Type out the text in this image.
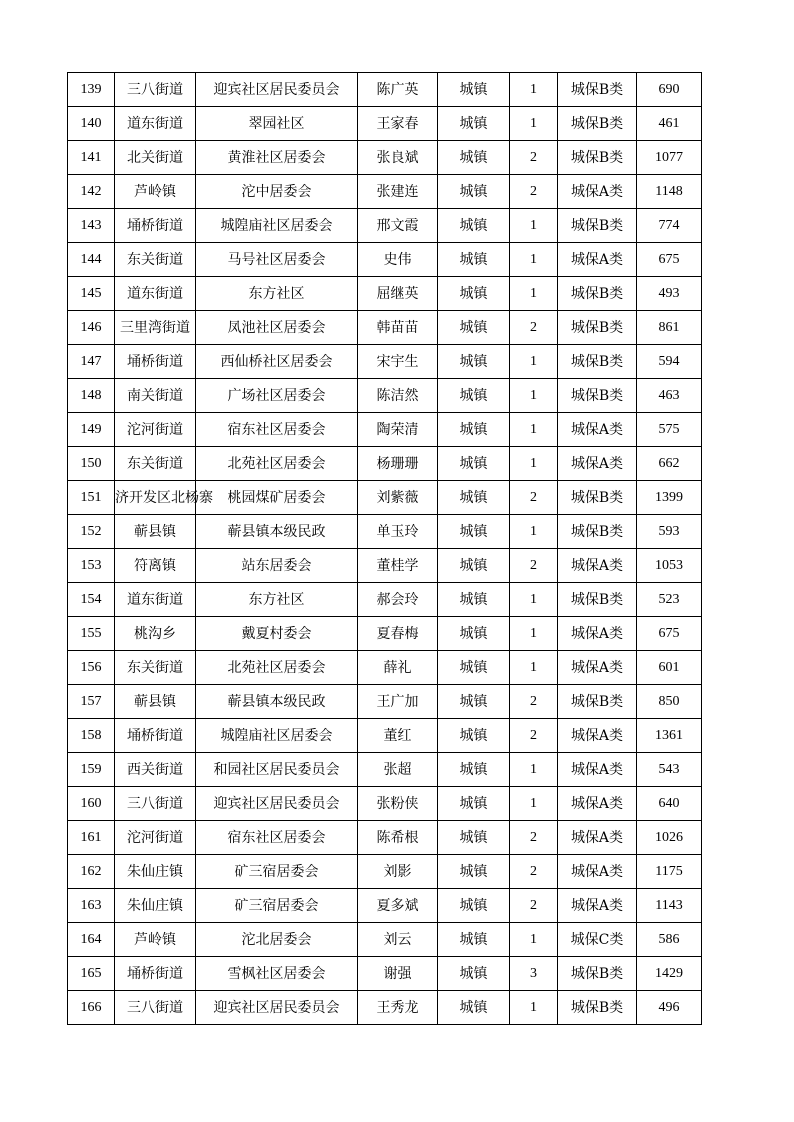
139	三八街道	迎宾社区居民委员会	陈广英	城镇	1	城保B类	690
140	道东街道	翠园社区	王家春	城镇	1	城保B类	461
141	北关街道	黄淮社区居委会	张良斌	城镇	2	城保B类	1077
142	芦岭镇	沱中居委会	张建连	城镇	2	城保A类	1148
143	埇桥街道	城隍庙社区居委会	邢文霞	城镇	1	城保B类	774
144	东关街道	马号社区居委会	史伟	城镇	1	城保A类	675
145	道东街道	东方社区	屈继英	城镇	1	城保B类	493
146	三里湾街道	凤池社区居委会	韩苗苗	城镇	2	城保B类	861
147	埇桥街道	西仙桥社区居委会	宋宇生	城镇	1	城保B类	594
148	南关街道	广场社区居委会	陈洁然	城镇	1	城保B类	463
149	沱河街道	宿东社区居委会	陶荣清	城镇	1	城保A类	575
150	东关街道	北苑社区居委会	杨珊珊	城镇	1	城保A类	662
151	济开发区北杨寨	桃园煤矿居委会	刘紫薇	城镇	2	城保B类	1399
152	蕲县镇	蕲县镇本级民政	单玉玲	城镇	1	城保B类	593
153	符离镇	站东居委会	董桂学	城镇	2	城保A类	1053
154	道东街道	东方社区	郝会玲	城镇	1	城保B类	523
155	桃沟乡	戴夏村委会	夏春梅	城镇	1	城保A类	675
156	东关街道	北苑社区居委会	薛礼	城镇	1	城保A类	601
157	蕲县镇	蕲县镇本级民政	王广加	城镇	2	城保B类	850
158	埇桥街道	城隍庙社区居委会	董红	城镇	2	城保A类	1361
159	西关街道	和园社区居民委员会	张超	城镇	1	城保A类	543
160	三八街道	迎宾社区居民委员会	张粉侠	城镇	1	城保A类	640
161	沱河街道	宿东社区居委会	陈希根	城镇	2	城保A类	1026
162	朱仙庄镇	矿三宿居委会	刘影	城镇	2	城保A类	1175
163	朱仙庄镇	矿三宿居委会	夏多斌	城镇	2	城保A类	1143
164	芦岭镇	沱北居委会	刘云	城镇	1	城保C类	586
165	埇桥街道	雪枫社区居委会	谢强	城镇	3	城保B类	1429
166	三八街道	迎宾社区居民委员会	王秀龙	城镇	1	城保B类	496
